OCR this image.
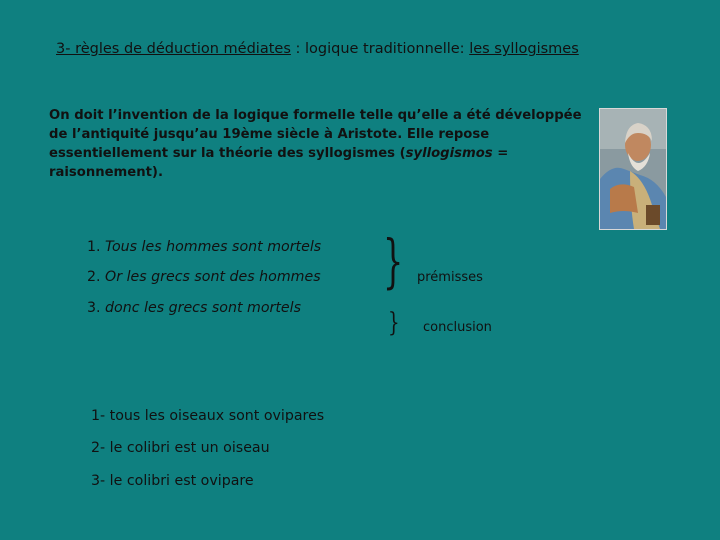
3- règles de déduction médiates : logique traditionnelle: les syllogismes
On doit l’invention de la logique formelle telle qu’elle a été développée de l’antiquité jusqu’au 19ème siècle à Aristote. Elle repose essentiellement sur la théorie des syllogismes (syllogismos = raisonnement).
1. Tous les hommes sont mortels
2. Or les grecs sont des hommes
3. donc les grecs sont mortels
} prémisses
} conclusion
1- tous les oiseaux sont ovipares
2- le colibri est un oiseau
3- le colibri est ovipare
